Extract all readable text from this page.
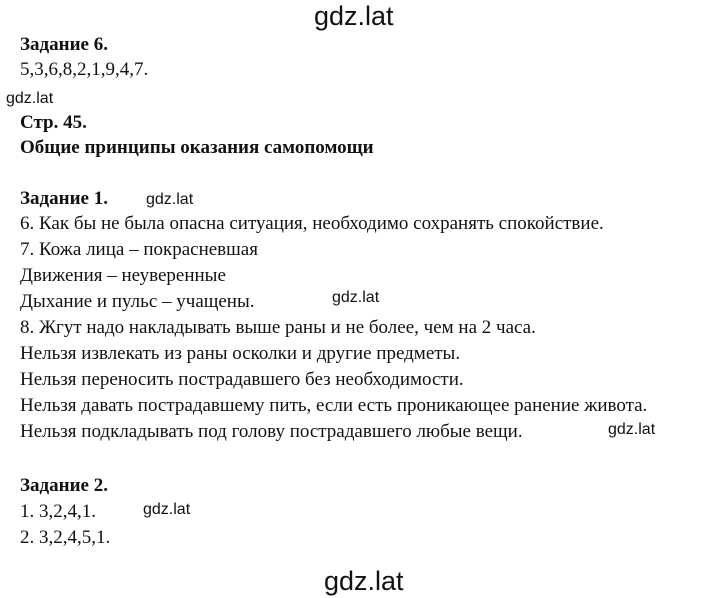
gdz.lat
gdz.lat
gdz.lat
gdz.lat
gdz.lat
gdz.lat
gdz.lat
Задание 6.
5,3,6,8,2,1,9,4,7.
Стр. 45.
Общие принципы оказания самопомощи
Задание 1.
6. Как бы не была опасна ситуация, необходимо сохранять спокойствие.
7. Кожа лица – покрасневшая
Движения – неуверенные
Дыхание и пульс – учащены.
8. Жгут надо накладывать выше раны и не более, чем на 2 часа.
Нельзя извлекать из раны осколки и другие предметы.
Нельзя переносить пострадавшего без необходимости.
Нельзя давать пострадавшему пить, если есть проникающее ранение живота.
Нельзя подкладывать под голову пострадавшего любые вещи.
Задание 2.
1. 3,2,4,1.
2. 3,2,4,5,1.
